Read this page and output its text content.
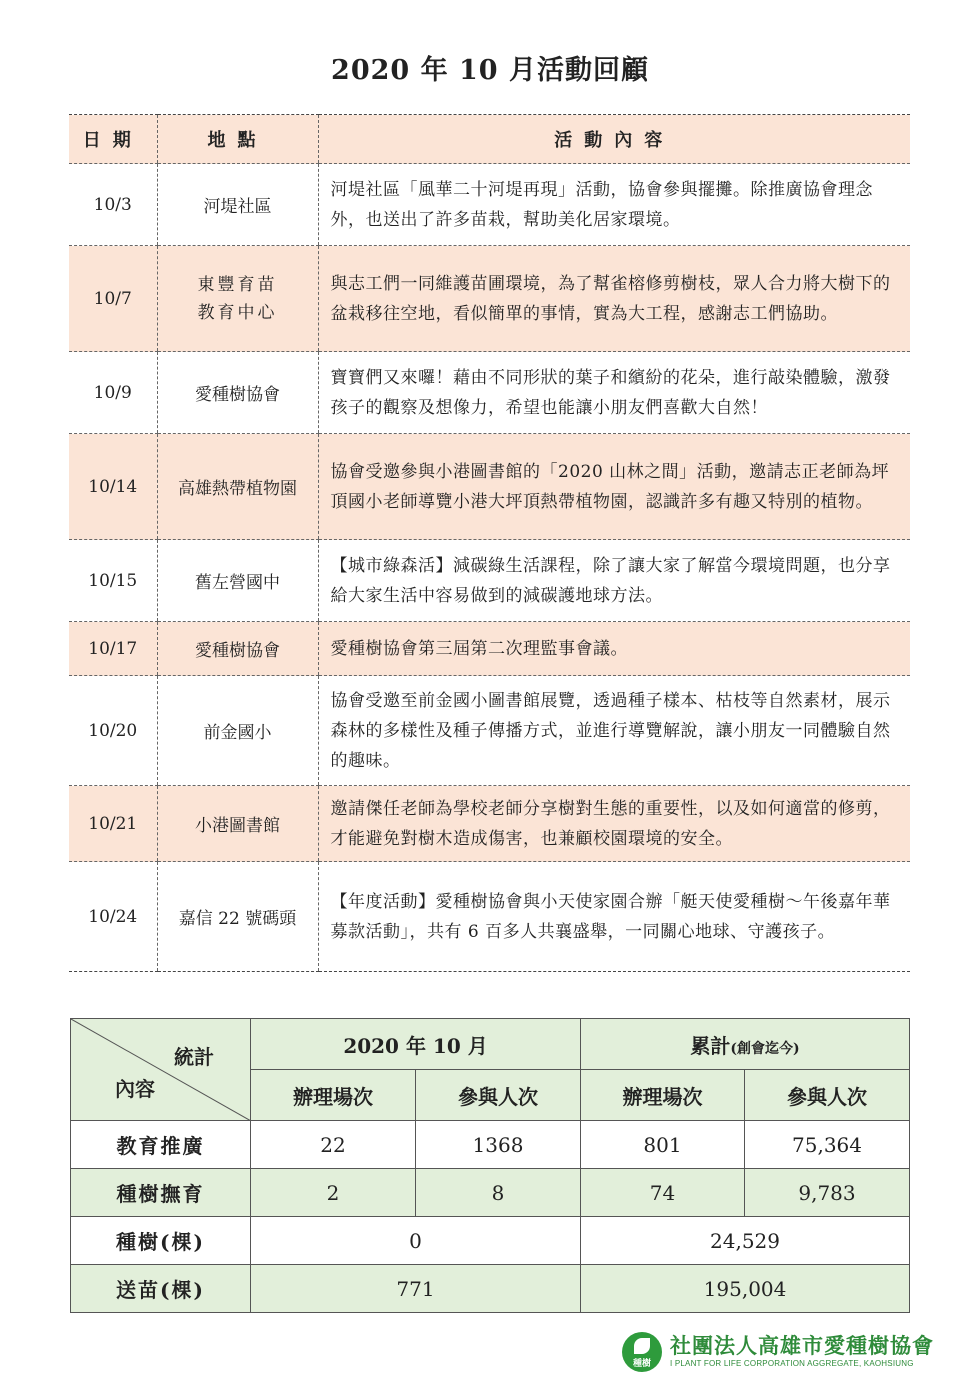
2020 年 10 月活動回顧
日期	地點	活動內容
10/3	河堤社區	河堤社區「風華二十河堤再現」活動，協會參與擺攤。除推廣協會理念外，也送出了許多苗栽，幫助美化居家環境。
10/7	東豐育苗教育中心	與志工們一同維護苗圃環境，為了幫雀榕修剪樹枝，眾人合力將大樹下的盆栽移往空地，看似簡單的事情，實為大工程，感謝志工們協助。
10/9	愛種樹協會	寶寶們又來囉！藉由不同形狀的葉子和繽紛的花朵，進行敲染體驗，激發孩子的觀察及想像力，希望也能讓小朋友們喜歡大自然！
10/14	高雄熱帶植物園	協會受邀參與小港圖書館的「2020 山林之間」活動，邀請志正老師為坪頂國小老師導覽小港大坪頂熱帶植物園，認識許多有趣又特別的植物。
10/15	舊左營國中	【城市綠森活】減碳綠生活課程，除了讓大家了解當今環境問題，也分享給大家生活中容易做到的減碳護地球方法。
10/17	愛種樹協會	愛種樹協會第三屆第二次理監事會議。
10/20	前金國小	協會受邀至前金國小圖書館展覽，透過種子樣本、枯枝等自然素材，展示森林的多樣性及種子傳播方式，並進行導覽解說，讓小朋友一同體驗自然的趣味。
10/21	小港圖書館	邀請傑任老師為學校老師分享樹對生態的重要性，以及如何適當的修剪，才能避免對樹木造成傷害，也兼顧校園環境的安全。
10/24	嘉信 22 號碼頭	【年度活動】愛種樹協會與小天使家園合辦「艇天使愛種樹～午後嘉年華募款活動」，共有 6 百多人共襄盛舉，一同關心地球、守護孩子。
統計
內容	2020 年 10 月		累計(創會迄今)	
	辦理場次	參與人次	辦理場次	參與人次
教育推廣	22	1368	801	75,364
種樹撫育	2	8	74	9,783
種樹(棵)	0		24,529	
送苗(棵)	771		195,004	
種樹
社團法人高雄市愛種樹協會
I PLANT FOR LIFE CORPORATION AGGREGATE, KAOHSIUNG
